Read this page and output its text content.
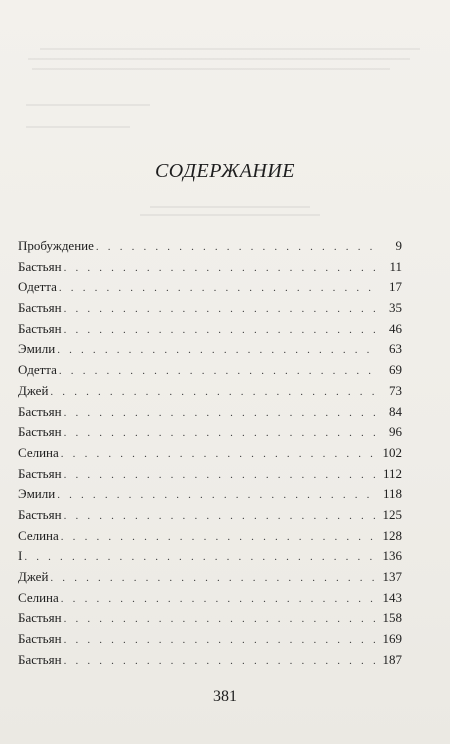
СОДЕРЖАНИЕ
Пробуждение . . .	9
Бастьян . . .	11
Одетта . . .	17
Бастьян . . .	35
Бастьян . . .	46
Эмили . . .	63
Одетта . . .	69
Джей . . .	73
Бастьян . . .	84
Бастьян . . .	96
Селина . . .	102
Бастьян . . .	112
Эмили . . .	118
Бастьян . . .	125
Селина . . .	128
I . . .	136
Джей . . .	137
Селина . . .	143
Бастьян . . .	158
Бастьян . . .	169
Бастьян . . .	187
381
